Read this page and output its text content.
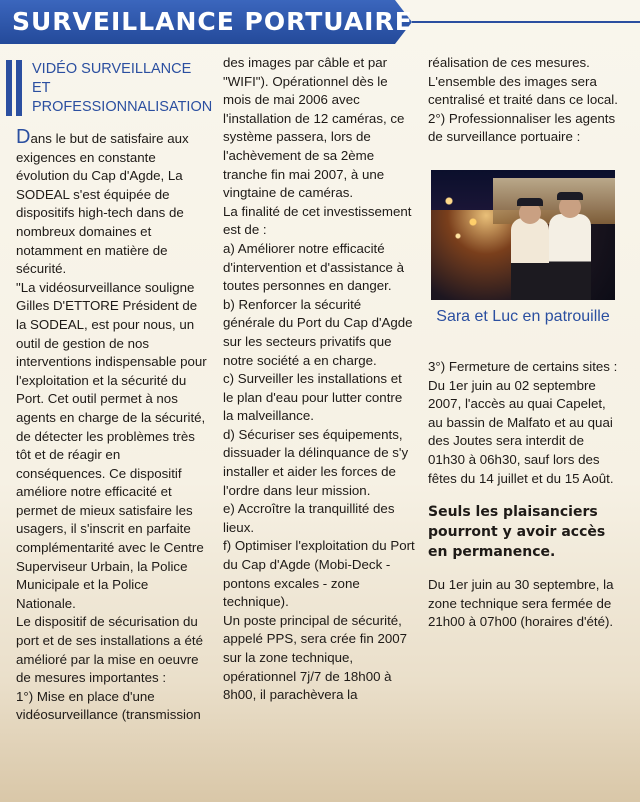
SURVEILLANCE PORTUAIRE
VIDÉO SURVEILLANCE ET PROFESSIONNALISATION

Dans le but de satisfaire aux exigences en constante évolution du Cap d'Agde, La SODEAL s'est équipée de dispositifs high-tech dans de nombreux domaines et notamment en matière de sécurité.

"La vidéosurveillance souligne Gilles D'ETTORE Président de la SODEAL, est pour nous, un outil de gestion de nos interventions indispensable pour l'exploitation et la sécurité du Port. Cet outil permet à nos agents en charge de la sécurité, de détecter les problèmes très tôt et de réagir en conséquences. Ce dispositif améliore notre efficacité et permet de mieux satisfaire les usagers, il s'inscrit en parfaite complémentarité avec le Centre Superviseur Urbain, la Police Municipale et la Police Nationale.

Le dispositif de sécurisation du port et de ses installations a été amélioré par la mise en oeuvre de mesures importantes :

1°) Mise en place d'une vidéosurveillance (transmission

des images par câble et par "WIFI"). Opérationnel dès le mois de mai 2006 avec l'installation de 12 caméras, ce système passera, lors de l'achèvement de sa 2ème tranche fin mai 2007, à une vingtaine de caméras.

La finalité de cet investissement est de :

a) Améliorer notre efficacité d'intervention et d'assistance à toutes personnes en danger.

b) Renforcer la sécurité générale du Port du Cap d'Agde sur les secteurs privatifs que notre société a en charge.

c) Surveiller les installations et le plan d'eau pour lutter contre la malveillance.

d) Sécuriser ses équipements, dissuader la délinquance de s'y installer et aider les forces de l'ordre dans leur mission.

e) Accroître la tranquillité des lieux.

f) Optimiser l'exploitation du Port du Cap d'Agde (Mobi-Deck - pontons excales - zone technique).

Un poste principal de sécurité, appelé PPS, sera crée fin 2007 sur la zone technique, opérationnel 7j/7 de 18h00 à 8h00, il parachèvera la

réalisation de ces mesures. L'ensemble des images sera centralisé et traité dans ce local.

2°) Professionnaliser les agents de surveillance portuaire :

Sara et Luc en patrouille

3°) Fermeture de certains sites : Du 1er juin au 02 septembre 2007, l'accès au quai Capelet, au bassin de Malfato et au quai des Joutes sera interdit de 01h30 à 06h30, sauf lors des fêtes du 14 juillet et du 15 Août.

Seuls les plaisanciers pourront y avoir accès en permanence.

Du 1er juin au 30 septembre, la zone technique sera fermée de 21h00 à 07h00 (horaires d'été).
